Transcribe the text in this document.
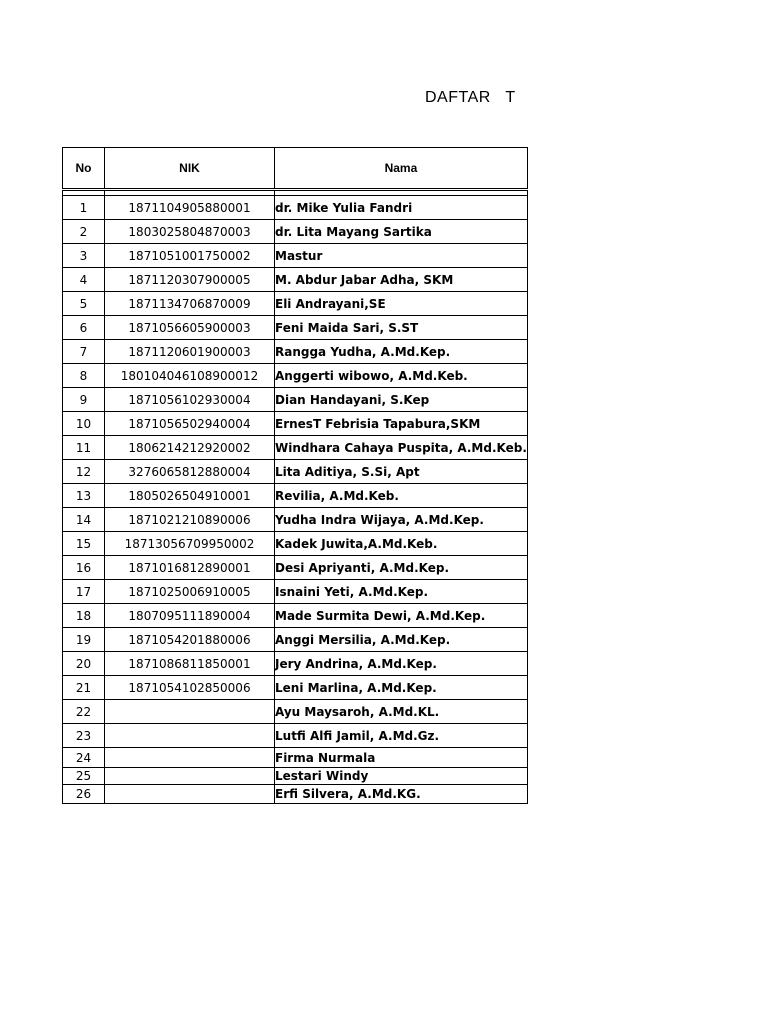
DAFTAR   T
No	NIK	Nama

1	1871104905880001	dr. Mike Yulia Fandri
2	1803025804870003	dr. Lita Mayang Sartika
3	1871051001750002	Mastur
4	1871120307900005	M. Abdur Jabar Adha, SKM
5	1871134706870009	Eli Andrayani,SE
6	1871056605900003	Feni Maida Sari, S.ST
7	1871120601900003	Rangga Yudha, A.Md.Kep.
8	180104046108900012	Anggerti wibowo, A.Md.Keb.
9	1871056102930004	Dian Handayani, S.Kep
10	1871056502940004	ErnesT Febrisia Tapabura,SKM
11	1806214212920002	Windhara Cahaya Puspita, A.Md.Keb.
12	3276065812880004	Lita Aditiya, S.Si, Apt
13	1805026504910001	Revilia, A.Md.Keb.
14	1871021210890006	Yudha Indra Wijaya, A.Md.Kep.
15	18713056709950002	Kadek Juwita,A.Md.Keb.
16	1871016812890001	Desi Apriyanti, A.Md.Kep.
17	1871025006910005	Isnaini Yeti, A.Md.Kep.
18	1807095111890004	Made Surmita Dewi, A.Md.Kep.
19	1871054201880006	Anggi Mersilia, A.Md.Kep.
20	1871086811850001	Jery Andrina, A.Md.Kep.
21	1871054102850006	Leni Marlina, A.Md.Kep.
22		Ayu Maysaroh, A.Md.KL.
23		Lutfi Alfi Jamil, A.Md.Gz.
24		Firma Nurmala
25		Lestari Windy
26		Erfi Silvera, A.Md.KG.
